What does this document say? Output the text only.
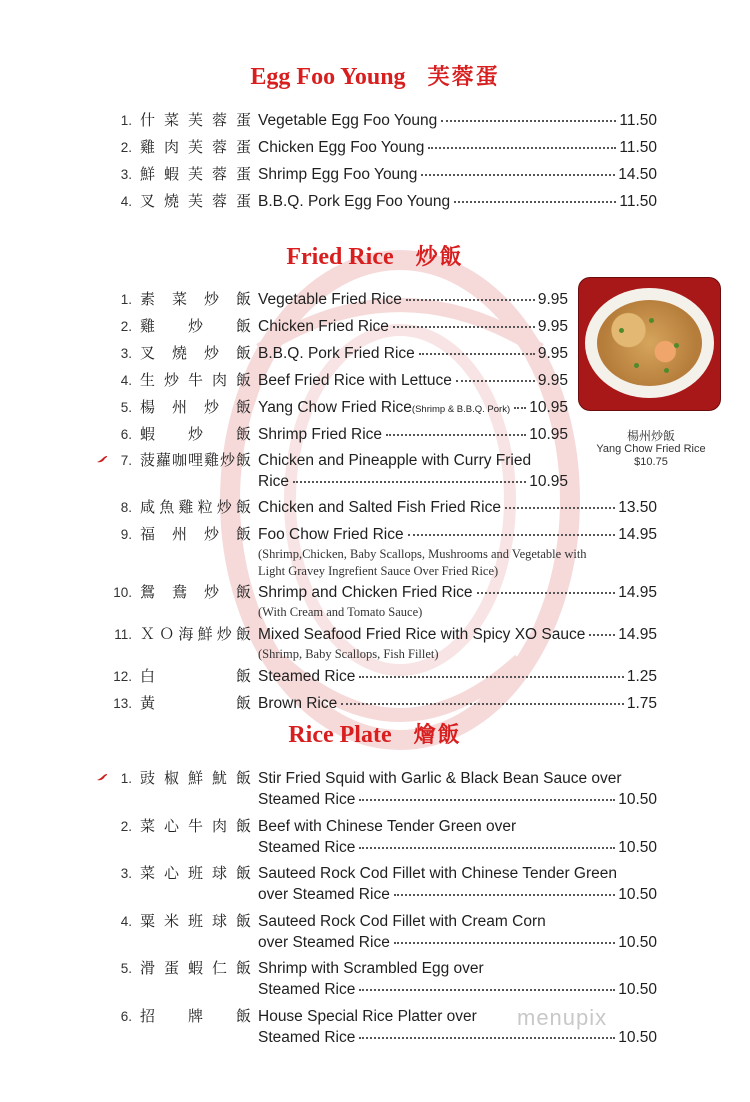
Egg Foo Young 芙蓉蛋
1. 什菜芙蓉蛋 Vegetable Egg Foo Young	11.50
2. 雞肉芙蓉蛋 Chicken Egg Foo Young	11.50
3. 鮮蝦芙蓉蛋 Shrimp Egg Foo Young	14.50
4. 叉燒芙蓉蛋 B.B.Q. Pork Egg Foo Young	11.50
Fried Rice 炒飯
1. 素菜炒飯 Vegetable Fried Rice	9.95
2. 雞炒飯 Chicken Fried Rice	9.95
3. 叉燒炒飯 B.B.Q. Pork Fried Rice	9.95
4. 生炒牛肉飯 Beef Fried Rice with Lettuce	9.95
5. 楊州炒飯 Yang Chow Fried Rice (Shrimp & B.B.Q. Pork) 10.95
6. 蝦炒飯 Shrimp Fried Rice	10.95
7. 菠蘿咖哩雞炒飯 Chicken and Pineapple with Curry Fried
Rice	10.95
8. 咸魚雞粒炒飯 Chicken and Salted Fish Fried Rice	13.50
9. 福州炒飯 Foo Chow Fried Rice	14.95
(Shrimp,Chicken, Baby Scallops, Mushrooms and Vegetable with
Light Gravey Ingrefient Sauce Over Fried Rice)
10. 鴛鴦炒飯 Shrimp and Chicken Fried Rice	14.95
(With Cream and Tomato Sauce)
11. ＸＯ海鮮炒飯 Mixed Seafood Fried Rice with Spicy XO Sauce 14.95
(Shrimp, Baby Scallops, Fish Fillet)
12. 白飯 Steamed Rice	1.25
13. 黃飯 Brown Rice	1.75
Rice Plate 燴飯
1. 豉椒鮮魷飯 Stir Fried Squid with Garlic & Black Bean Sauce over
Steamed Rice	10.50
2. 菜心牛肉飯 Beef with Chinese Tender Green over
Steamed Rice	10.50
3. 菜心班球飯 Sauteed Rock Cod Fillet with Chinese Tender Green
over Steamed Rice	10.50
4. 粟米班球飯 Sauteed Rock Cod Fillet with Cream Corn
over Steamed Rice	10.50
5. 滑蛋蝦仁飯 Shrimp with Scrambled Egg over
Steamed Rice	10.50
6. 招牌飯 House Special Rice Platter over
Steamed Rice	10.50
楊州炒飯
Yang Chow Fried Rice
$10.75
menupix
